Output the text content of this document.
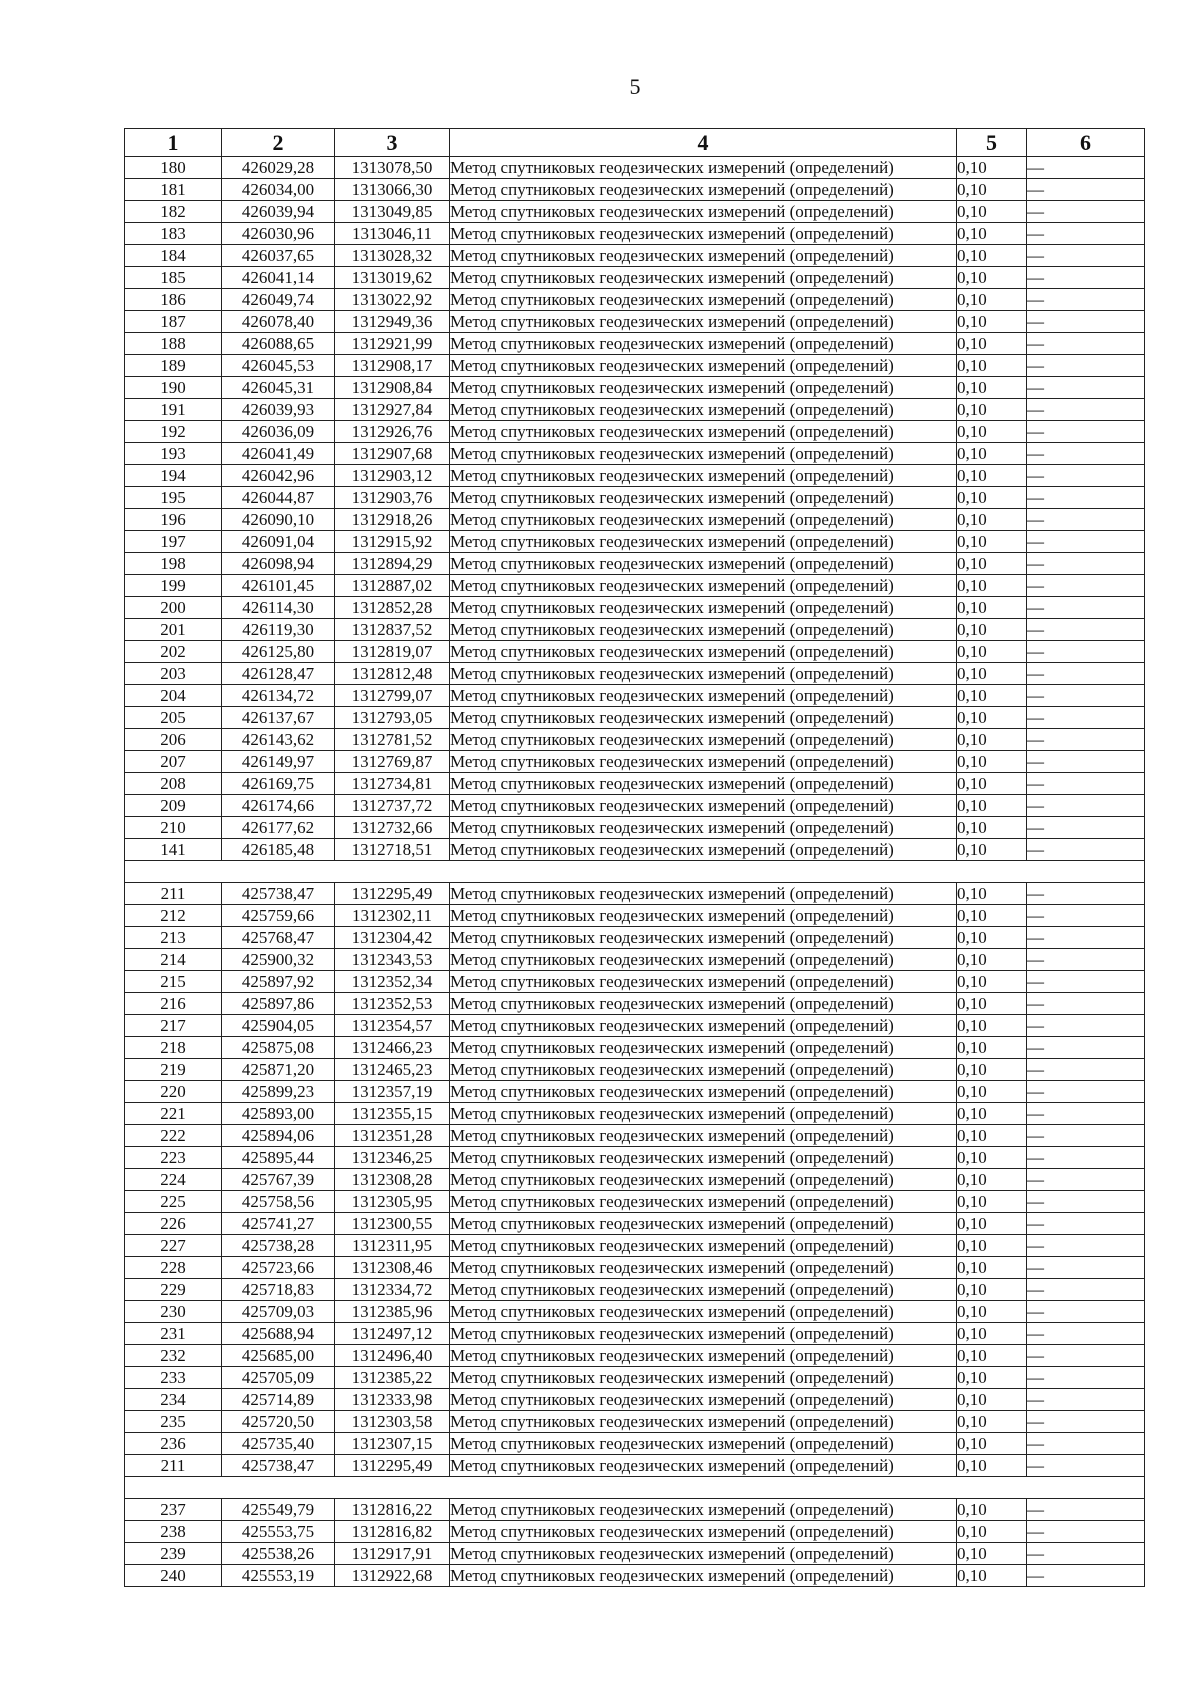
5
1	2	3	4	5	6
180	426029,28	1313078,50	Метод спутниковых геодезических измерений (определений)	0,10	—
181	426034,00	1313066,30	Метод спутниковых геодезических измерений (определений)	0,10	—
182	426039,94	1313049,85	Метод спутниковых геодезических измерений (определений)	0,10	—
183	426030,96	1313046,11	Метод спутниковых геодезических измерений (определений)	0,10	—
184	426037,65	1313028,32	Метод спутниковых геодезических измерений (определений)	0,10	—
185	426041,14	1313019,62	Метод спутниковых геодезических измерений (определений)	0,10	—
186	426049,74	1313022,92	Метод спутниковых геодезических измерений (определений)	0,10	—
187	426078,40	1312949,36	Метод спутниковых геодезических измерений (определений)	0,10	—
188	426088,65	1312921,99	Метод спутниковых геодезических измерений (определений)	0,10	—
189	426045,53	1312908,17	Метод спутниковых геодезических измерений (определений)	0,10	—
190	426045,31	1312908,84	Метод спутниковых геодезических измерений (определений)	0,10	—
191	426039,93	1312927,84	Метод спутниковых геодезических измерений (определений)	0,10	—
192	426036,09	1312926,76	Метод спутниковых геодезических измерений (определений)	0,10	—
193	426041,49	1312907,68	Метод спутниковых геодезических измерений (определений)	0,10	—
194	426042,96	1312903,12	Метод спутниковых геодезических измерений (определений)	0,10	—
195	426044,87	1312903,76	Метод спутниковых геодезических измерений (определений)	0,10	—
196	426090,10	1312918,26	Метод спутниковых геодезических измерений (определений)	0,10	—
197	426091,04	1312915,92	Метод спутниковых геодезических измерений (определений)	0,10	—
198	426098,94	1312894,29	Метод спутниковых геодезических измерений (определений)	0,10	—
199	426101,45	1312887,02	Метод спутниковых геодезических измерений (определений)	0,10	—
200	426114,30	1312852,28	Метод спутниковых геодезических измерений (определений)	0,10	—
201	426119,30	1312837,52	Метод спутниковых геодезических измерений (определений)	0,10	—
202	426125,80	1312819,07	Метод спутниковых геодезических измерений (определений)	0,10	—
203	426128,47	1312812,48	Метод спутниковых геодезических измерений (определений)	0,10	—
204	426134,72	1312799,07	Метод спутниковых геодезических измерений (определений)	0,10	—
205	426137,67	1312793,05	Метод спутниковых геодезических измерений (определений)	0,10	—
206	426143,62	1312781,52	Метод спутниковых геодезических измерений (определений)	0,10	—
207	426149,97	1312769,87	Метод спутниковых геодезических измерений (определений)	0,10	—
208	426169,75	1312734,81	Метод спутниковых геодезических измерений (определений)	0,10	—
209	426174,66	1312737,72	Метод спутниковых геодезических измерений (определений)	0,10	—
210	426177,62	1312732,66	Метод спутниковых геодезических измерений (определений)	0,10	—
141	426185,48	1312718,51	Метод спутниковых геодезических измерений (определений)	0,10	—

211	425738,47	1312295,49	Метод спутниковых геодезических измерений (определений)	0,10	—
212	425759,66	1312302,11	Метод спутниковых геодезических измерений (определений)	0,10	—
213	425768,47	1312304,42	Метод спутниковых геодезических измерений (определений)	0,10	—
214	425900,32	1312343,53	Метод спутниковых геодезических измерений (определений)	0,10	—
215	425897,92	1312352,34	Метод спутниковых геодезических измерений (определений)	0,10	—
216	425897,86	1312352,53	Метод спутниковых геодезических измерений (определений)	0,10	—
217	425904,05	1312354,57	Метод спутниковых геодезических измерений (определений)	0,10	—
218	425875,08	1312466,23	Метод спутниковых геодезических измерений (определений)	0,10	—
219	425871,20	1312465,23	Метод спутниковых геодезических измерений (определений)	0,10	—
220	425899,23	1312357,19	Метод спутниковых геодезических измерений (определений)	0,10	—
221	425893,00	1312355,15	Метод спутниковых геодезических измерений (определений)	0,10	—
222	425894,06	1312351,28	Метод спутниковых геодезических измерений (определений)	0,10	—
223	425895,44	1312346,25	Метод спутниковых геодезических измерений (определений)	0,10	—
224	425767,39	1312308,28	Метод спутниковых геодезических измерений (определений)	0,10	—
225	425758,56	1312305,95	Метод спутниковых геодезических измерений (определений)	0,10	—
226	425741,27	1312300,55	Метод спутниковых геодезических измерений (определений)	0,10	—
227	425738,28	1312311,95	Метод спутниковых геодезических измерений (определений)	0,10	—
228	425723,66	1312308,46	Метод спутниковых геодезических измерений (определений)	0,10	—
229	425718,83	1312334,72	Метод спутниковых геодезических измерений (определений)	0,10	—
230	425709,03	1312385,96	Метод спутниковых геодезических измерений (определений)	0,10	—
231	425688,94	1312497,12	Метод спутниковых геодезических измерений (определений)	0,10	—
232	425685,00	1312496,40	Метод спутниковых геодезических измерений (определений)	0,10	—
233	425705,09	1312385,22	Метод спутниковых геодезических измерений (определений)	0,10	—
234	425714,89	1312333,98	Метод спутниковых геодезических измерений (определений)	0,10	—
235	425720,50	1312303,58	Метод спутниковых геодезических измерений (определений)	0,10	—
236	425735,40	1312307,15	Метод спутниковых геодезических измерений (определений)	0,10	—
211	425738,47	1312295,49	Метод спутниковых геодезических измерений (определений)	0,10	—

237	425549,79	1312816,22	Метод спутниковых геодезических измерений (определений)	0,10	—
238	425553,75	1312816,82	Метод спутниковых геодезических измерений (определений)	0,10	—
239	425538,26	1312917,91	Метод спутниковых геодезических измерений (определений)	0,10	—
240	425553,19	1312922,68	Метод спутниковых геодезических измерений (определений)	0,10	—
